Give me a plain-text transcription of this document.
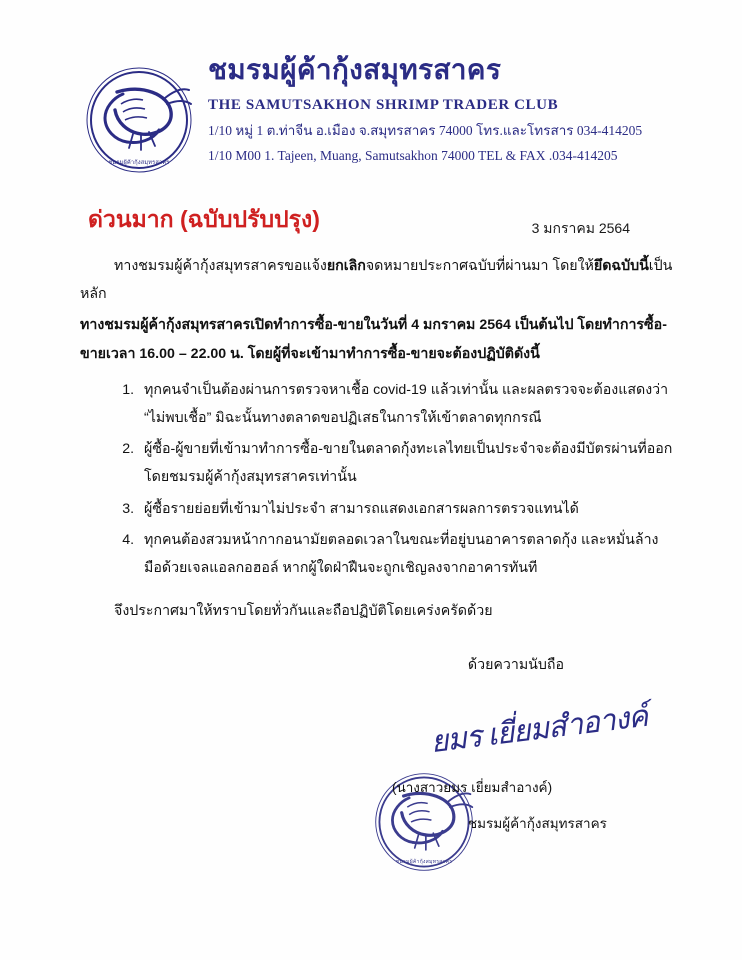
ชมรมผู้ค้ากุ้งสมุทรสาคร
ชมรมผู้ค้ากุ้งสมุทรสาคร
THE SAMUTSAKHON SHRIMP TRADER CLUB
1/10 หมู่ 1 ต.ท่าจีน อ.เมือง จ.สมุทรสาคร 74000 โทร.และโทรสาร 034-414205
1/10 M00 1. Tajeen, Muang, Samutsakhon 74000 TEL & FAX .034-414205
ด่วนมาก (ฉบับปรับปรุง)	3 มกราคม 2564

ทางชมรมผู้ค้ากุ้งสมุทรสาครขอแจ้งยกเลิกจดหมายประกาศฉบับที่ผ่านมา โดยให้ยึดฉบับนี้เป็นหลัก

ทางชมรมผู้ค้ากุ้งสมุทรสาครเปิดทำการซื้อ-ขายในวันที่ 4 มกราคม 2564 เป็นต้นไป โดยทำการซื้อ-ขายเวลา 16.00 – 22.00 น. โดยผู้ที่จะเข้ามาทำการซื้อ-ขายจะต้องปฏิบัติดังนี้

1. ทุกคนจำเป็นต้องผ่านการตรวจหาเชื้อ covid-19 แล้วเท่านั้น และผลตรวจจะต้องแสดงว่า “ไม่พบเชื้อ” มิฉะนั้นทางตลาดขอปฏิเสธในการให้เข้าตลาดทุกกรณี
2. ผู้ซื้อ-ผู้ขายที่เข้ามาทำการซื้อ-ขายในตลาดกุ้งทะเลไทยเป็นประจำจะต้องมีบัตรผ่านที่ออกโดยชมรมผู้ค้ากุ้งสมุทรสาครเท่านั้น
3. ผู้ซื้อรายย่อยที่เข้ามาไม่ประจำ สามารถแสดงเอกสารผลการตรวจแทนได้
4. ทุกคนต้องสวมหน้ากากอนามัยตลอดเวลาในขณะที่อยู่บนอาคารตลาดกุ้ง และหมั่นล้างมือด้วยเจลแอลกอฮอล์ หากผู้ใดฝ่าฝืนจะถูกเชิญลงจากอาคารทันที

จึงประกาศมาให้ทราบโดยทั่วกันและถือปฏิบัติโดยเคร่งครัดด้วย

ด้วยความนับถือ
ยมร เยี่ยมสำอางค์
ชมรมผู้ค้ากุ้งสมุทรสาคร
(นางสาวยมร เยี่ยมสำอางค์)
ชมรมผู้ค้ากุ้งสมุทรสาคร
